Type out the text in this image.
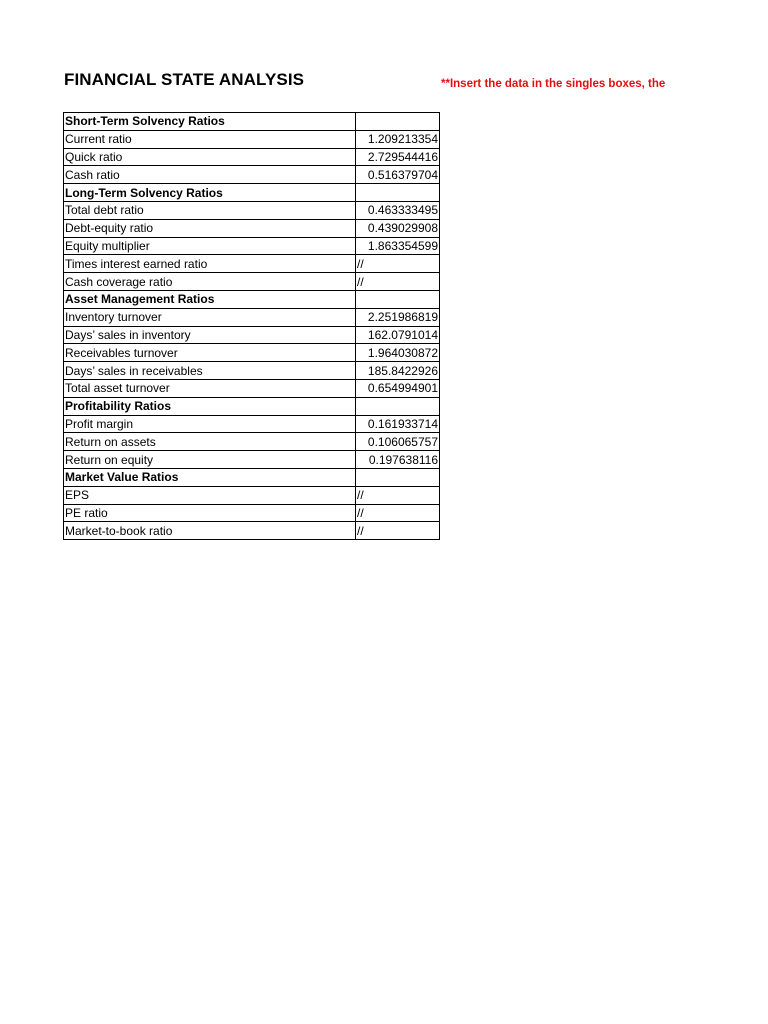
FINANCIAL STATE ANALYSIS	**Insert the data in the singles boxes, the
Short-Term Solvency Ratios	
Current ratio	1.209213354
Quick ratio	2.729544416
Cash ratio	0.516379704
Long-Term Solvency Ratios	
Total debt ratio	0.463333495
Debt-equity ratio	0.439029908
Equity multiplier	1.863354599
Times interest earned ratio	//
Cash coverage ratio	//
Asset Management Ratios	
Inventory turnover	2.251986819
Days’ sales in inventory	162.0791014
Receivables turnover	1.964030872
Days’ sales in receivables	185.8422926
Total asset turnover	0.654994901
Profitability Ratios	
Profit margin	0.161933714
Return on assets	0.106065757
Return on equity	0.197638116
Market Value Ratios	
EPS	//
PE ratio	//
Market-to-book ratio	//
